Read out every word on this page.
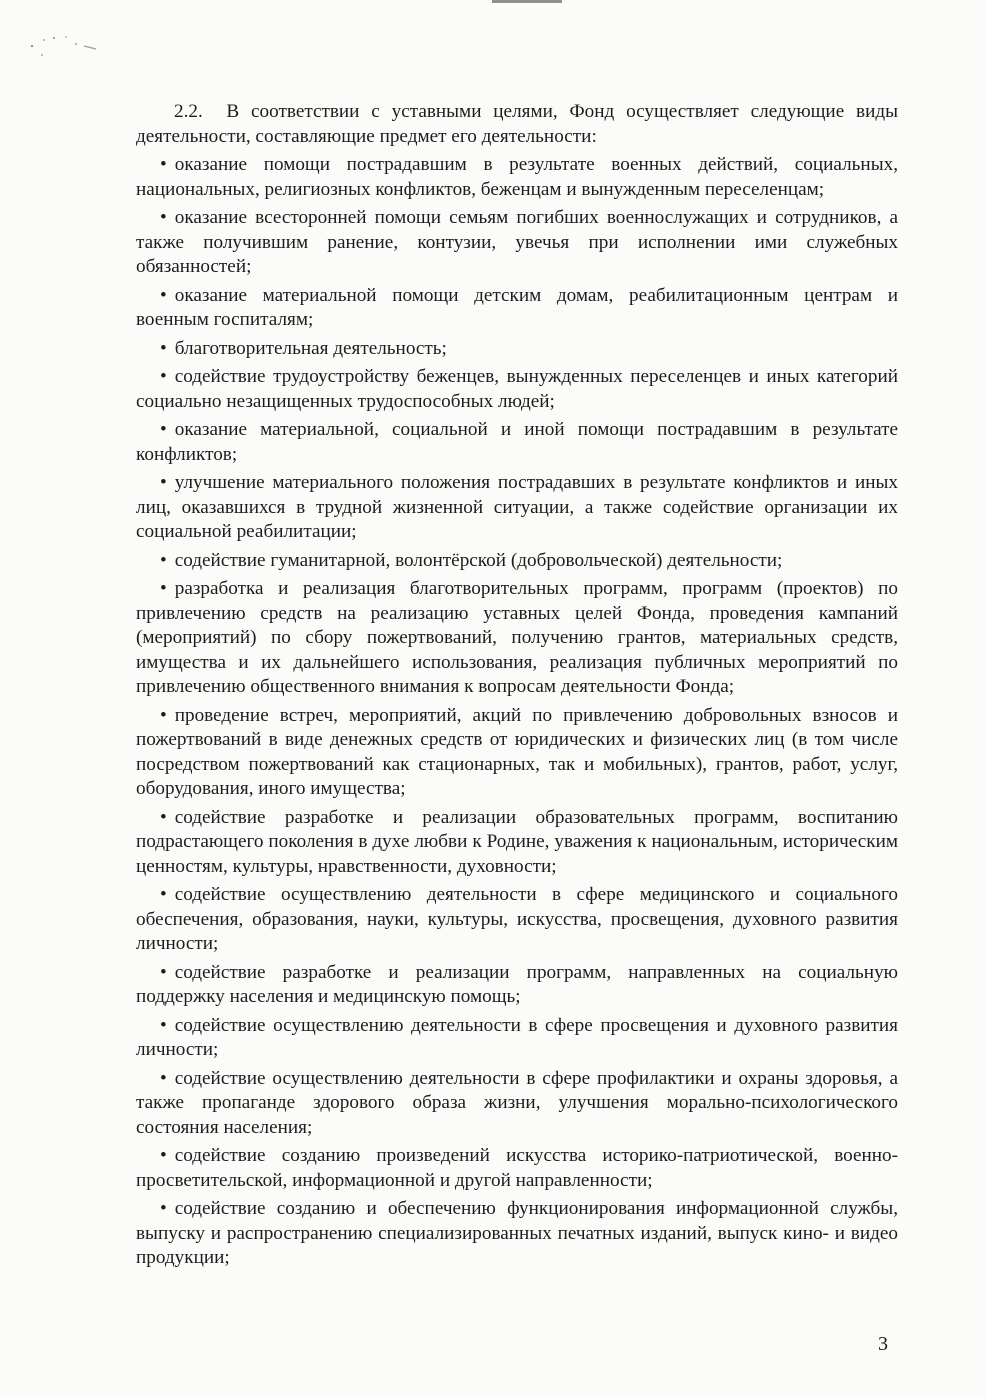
2.2. В соответствии с уставными целями, Фонд осуществляет следующие виды деятельности, составляющие предмет его деятельности:

• оказание помощи пострадавшим в результате военных действий, социальных, национальных, религиозных конфликтов, беженцам и вынужденным переселенцам;

• оказание всесторонней помощи семьям погибших военнослужащих и сотрудников, а также получившим ранение, контузии, увечья при исполнении ими служебных обязанностей;

• оказание материальной помощи детским домам, реабилитационным центрам и военным госпиталям;

• благотворительная деятельность;

• содействие трудоустройству беженцев, вынужденных переселенцев и иных категорий социально незащищенных трудоспособных людей;

• оказание материальной, социальной и иной помощи пострадавшим в результате конфликтов;

• улучшение материального положения пострадавших в результате конфликтов и иных лиц, оказавшихся в трудной жизненной ситуации, а также содействие организации их социальной реабилитации;

• содействие гуманитарной, волонтёрской (добровольческой) деятельности;

• разработка и реализация благотворительных программ, программ (проектов) по привлечению средств на реализацию уставных целей Фонда, проведения кампаний (мероприятий) по сбору пожертвований, получению грантов, материальных средств, имущества и их дальнейшего использования, реализация публичных мероприятий по привлечению общественного внимания к вопросам деятельности Фонда;

• проведение встреч, мероприятий, акций по привлечению добровольных взносов и пожертвований в виде денежных средств от юридических и физических лиц (в том числе посредством пожертвований как стационарных, так и мобильных), грантов, работ, услуг, оборудования, иного имущества;

• содействие разработке и реализации образовательных программ, воспитанию подрастающего поколения в духе любви к Родине, уважения к национальным, историческим ценностям, культуры, нравственности, духовности;

• содействие осуществлению деятельности в сфере медицинского и социального обеспечения, образования, науки, культуры, искусства, просвещения, духовного развития личности;

• содействие разработке и реализации программ, направленных на социальную поддержку населения и медицинскую помощь;

• содействие осуществлению деятельности в сфере просвещения и духовного развития личности;

• содействие осуществлению деятельности в сфере профилактики и охраны здоровья, а также пропаганде здорового образа жизни, улучшения морально-психологического состояния населения;

• содействие созданию произведений искусства историко-патриотической, военно-просветительской, информационной и другой направленности;

• содействие созданию и обеспечению функционирования информационной службы, выпуску и распространению специализированных печатных изданий, выпуск кино- и видео продукции;

3
